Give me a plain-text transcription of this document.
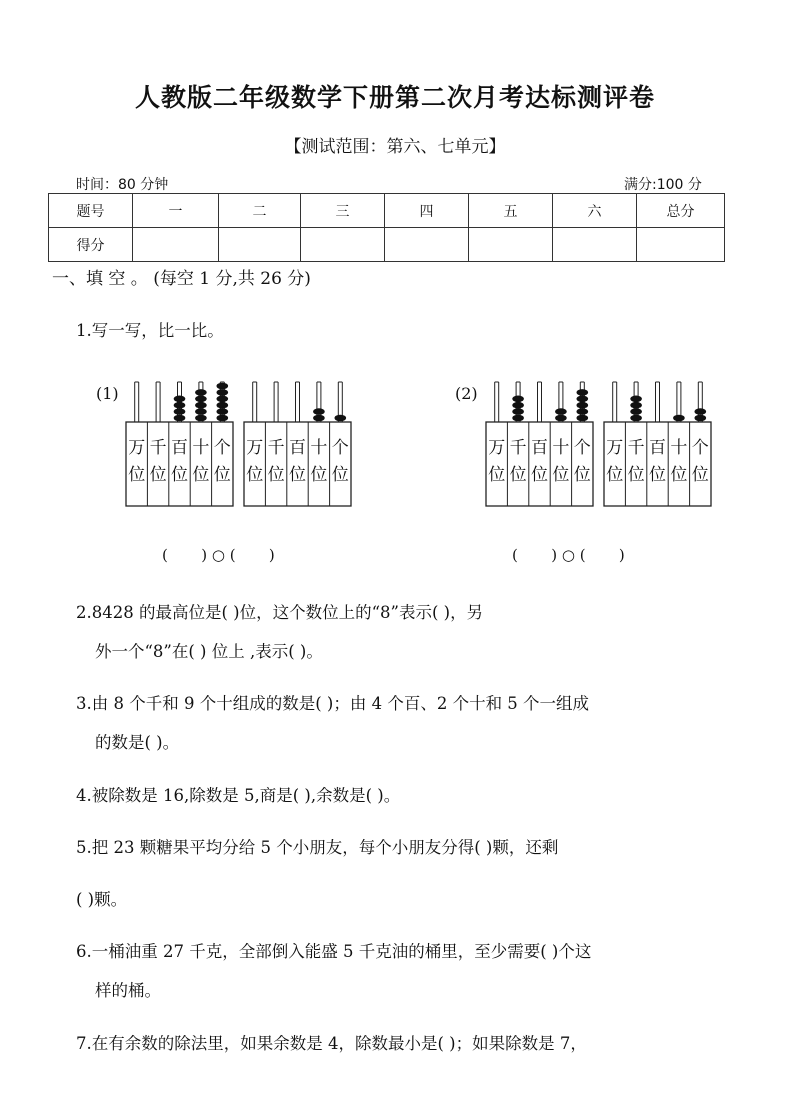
人教版二年级数学下册第二次月考达标测评卷
【测试范围：第六、七单元】
时间：80 分钟	满分:100 分
题号	一	二	三	四	五	六	总分
得分							
一、填 空 。 (每空 1 分,共 26 分)
1.写一写，比一比。
(1)	(2)
万
位
千
位
百
位
十
位
个
位
万
位
千
位
百
位
十
位
个
位
万
位
千
位
百
位
十
位
个
位
万
位
千
位
百
位
十
位
个
位
(       ) ○ (       )	(       ) ○ (       )
2.8428 的最高位是( )位，这个数位上的“8”表示( )，另
外一个“8”在( ) 位上 ,表示( )。
3.由 8 个千和 9 个十组成的数是( )；由 4 个百、2 个十和 5 个一组成
的数是( )。
4.被除数是 16,除数是 5,商是( ),余数是( )。
5.把 23 颗糖果平均分给 5 个小朋友，每个小朋友分得( )颗，还剩
( )颗。
6.一桶油重 27 千克，全部倒入能盛 5 千克油的桶里，至少需要( )个这
样的桶。
7.在有余数的除法里，如果余数是 4，除数最小是( )；如果除数是 7，
